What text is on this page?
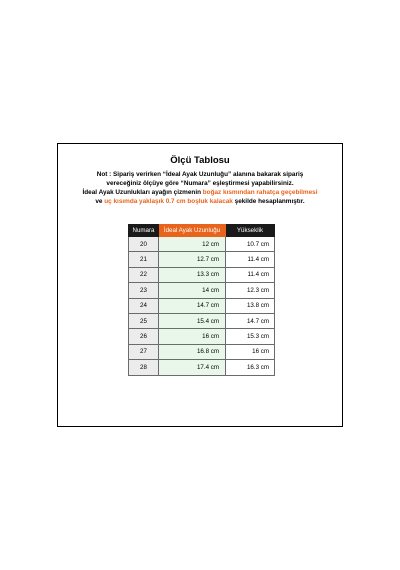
Ölçü Tablosu
Not : Sipariş verirken “İdeal Ayak Uzunluğu” alanına bakarak sipariş
vereceğiniz ölçüye göre “Numara” eşleştirmesi yapabilirsiniz.
İdeal Ayak Uzunlukları ayağın çizmenin boğaz kısmından rahatça geçebilmesi
ve uç kısımda yaklaşık 0.7 cm boşluk kalacak şekilde hesaplanmıştır.
Numara	İdeal Ayak Uzunluğu	Yükseklik
20	12 cm	10.7 cm
21	12.7 cm	11.4 cm
22	13.3 cm	11.4 cm
23	14 cm	12.3 cm
24	14.7 cm	13.8 cm
25	15.4 cm	14.7 cm
26	16 cm	15.3 cm
27	16.8 cm	16 cm
28	17.4 cm	16.3 cm
